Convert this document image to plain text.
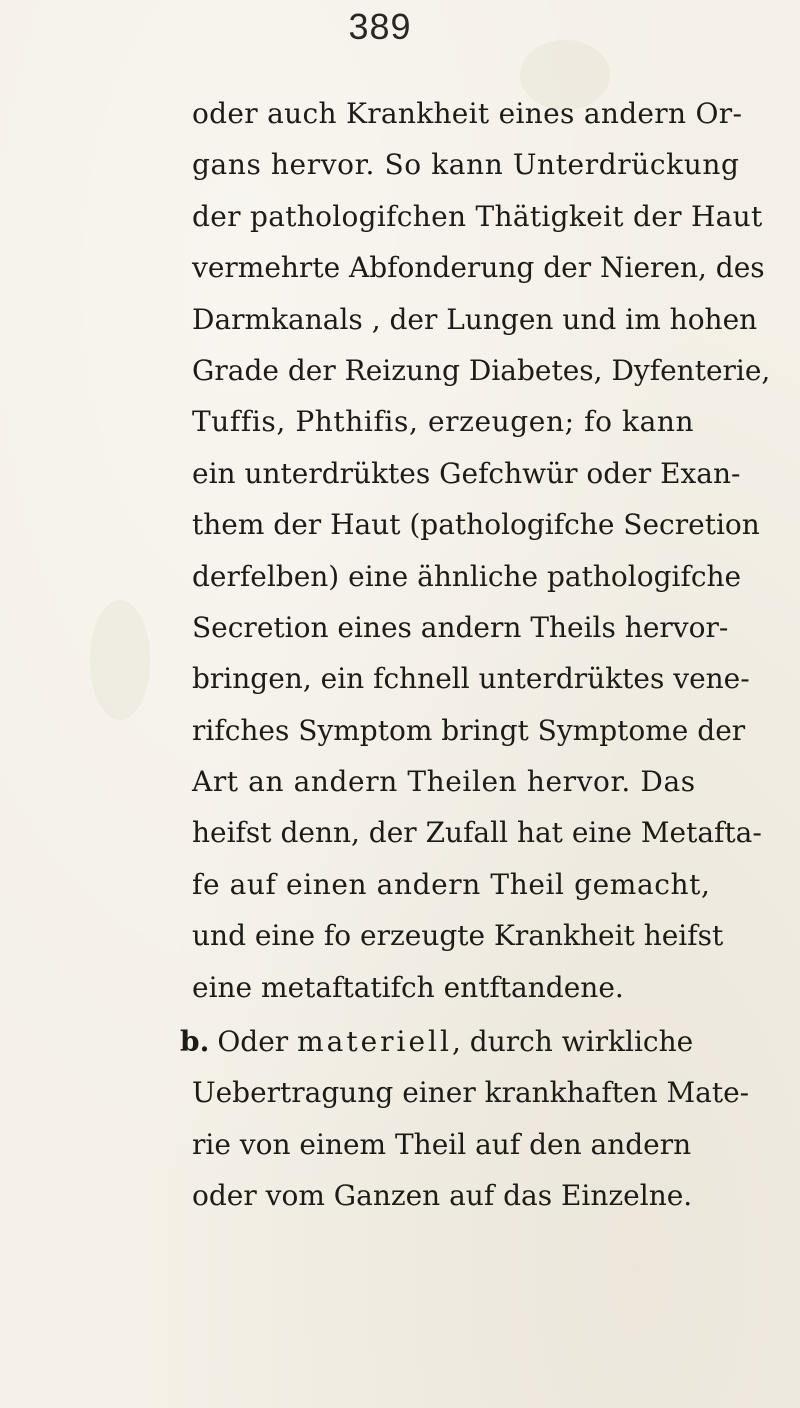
389
oder auch Krankheit eines andern Or-
gans hervor. So kann Unterdrückung
der pathologifchen Thätigkeit der Haut
vermehrte Abfonderung der Nieren, des
Darmkanals , der Lungen und im hohen
Grade der Reizung Diabetes, Dyfenterie,
Tuffis, Phthifis, erzeugen; fo kann
ein unterdrüktes Gefchwür oder Exan-
them der Haut (pathologifche Secretion
derfelben) eine ähnliche pathologifche
Secretion eines andern Theils hervor-
bringen, ein fchnell unterdrüktes vene-
rifches Symptom bringt Symptome der
Art an andern Theilen hervor. Das
heifst denn, der Zufall hat eine Metafta-
fe auf einen andern Theil gemacht,
und eine fo erzeugte Krankheit heifst
eine metaftatifch entftandene.
b. Oder materiell, durch wirkliche
Uebertragung einer krankhaften Mate-
rie von einem Theil auf den andern
oder vom Ganzen auf das Einzelne.
